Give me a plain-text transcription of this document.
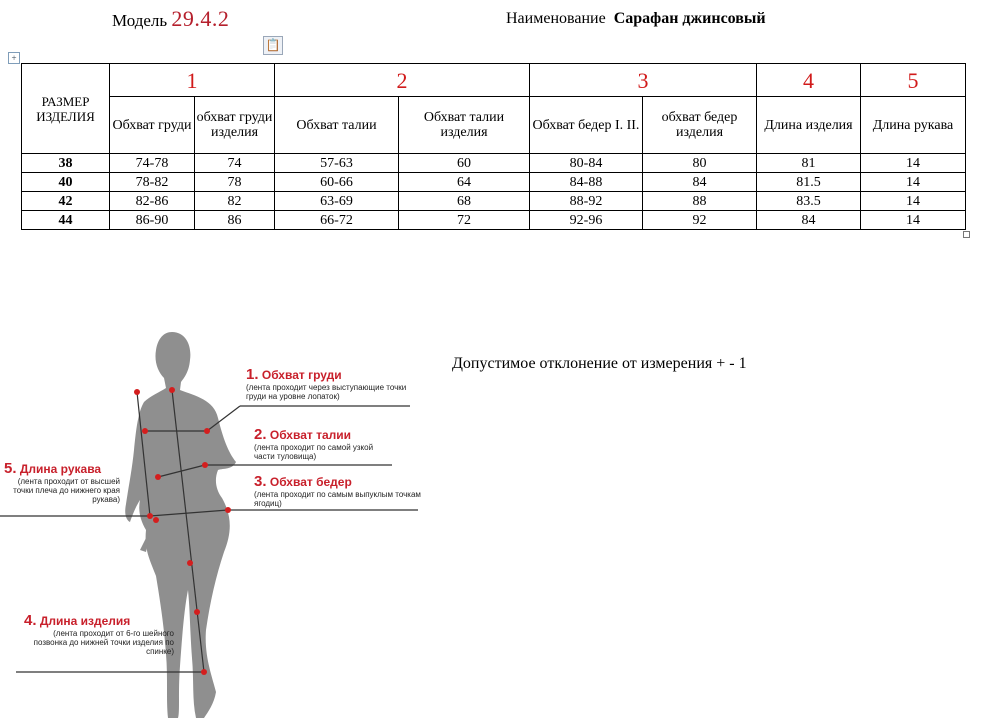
Модель 29.4.2	Наименование Сарафан джинсовый
+
📋
РАЗМЕР ИЗДЕЛИЯ	1		2		3		4	5
	Обхват груди	обхват груди изделия	Обхват талии	Обхват талии изделия	Обхват бедер I. II.	обхват бедер изделия	Длина изделия	Длина рукава
38	74-78	74	57-63	60	80-84	80	81	14
40	78-82	78	60-66	64	84-88	84	81.5	14
42	82-86	82	63-69	68	88-92	88	83.5	14
44	86-90	86	66-72	72	92-96	92	84	14
Допустимое отклонение от измерения + - 1
1. Обхват груди
(лента проходит через выступающие точки груди на уровне лопаток)
2. Обхват талии
(лента проходит по самой узкой части туловища)
3. Обхват бедер
(лента проходит по самым выпуклым точкам ягодиц)
4. Длина изделия
(лента проходит от 6-го шейного позвонка до нижней точки изделия по спинке)
5. Длина рукава
(лента проходит от высшей точки плеча до нижнего края рукава)
